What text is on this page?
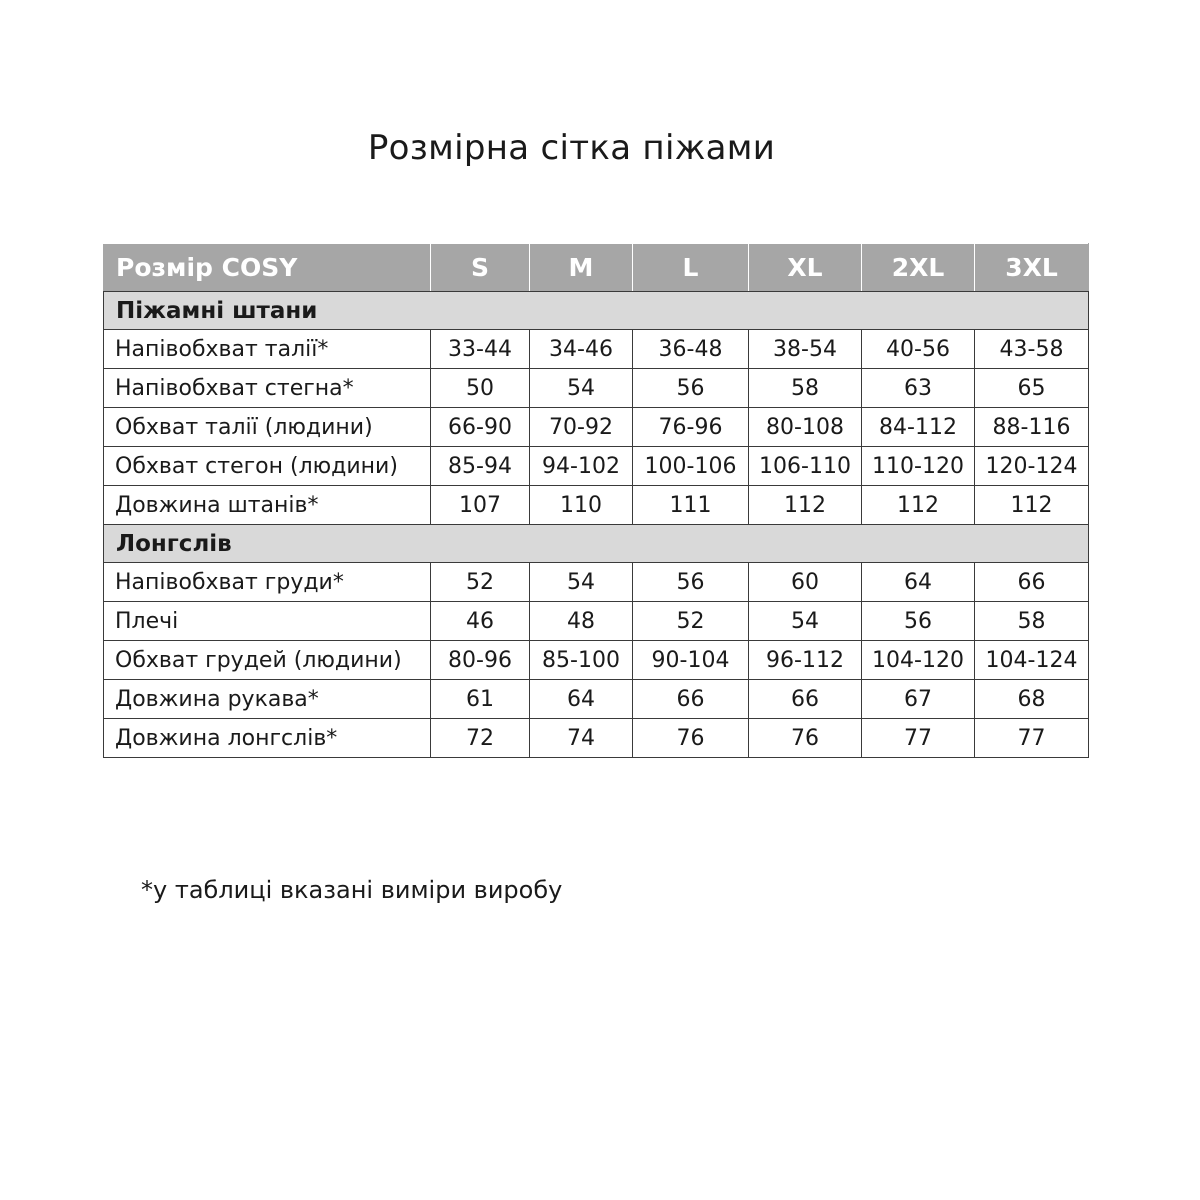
Розмірна сітка піжами
Розмір COSY	S	M	L	XL	2XL	3XL
Піжамні штани						
Напівобхват талії*	33-44	34-46	36-48	38-54	40-56	43-58
Напівобхват стегна*	50	54	56	58	63	65
Обхват талії (людини)	66-90	70-92	76-96	80-108	84-112	88-116
Обхват стегон (людини)	85-94	94-102	100-106	106-110	110-120	120-124
Довжина штанів*	107	110	111	112	112	112
Лонгслів						
Напівобхват груди*	52	54	56	60	64	66
Плечі	46	48	52	54	56	58
Обхват грудей (людини)	80-96	85-100	90-104	96-112	104-120	104-124
Довжина рукава*	61	64	66	66	67	68
Довжина лонгслів*	72	74	76	76	77	77
*у таблиці вказані виміри виробу
